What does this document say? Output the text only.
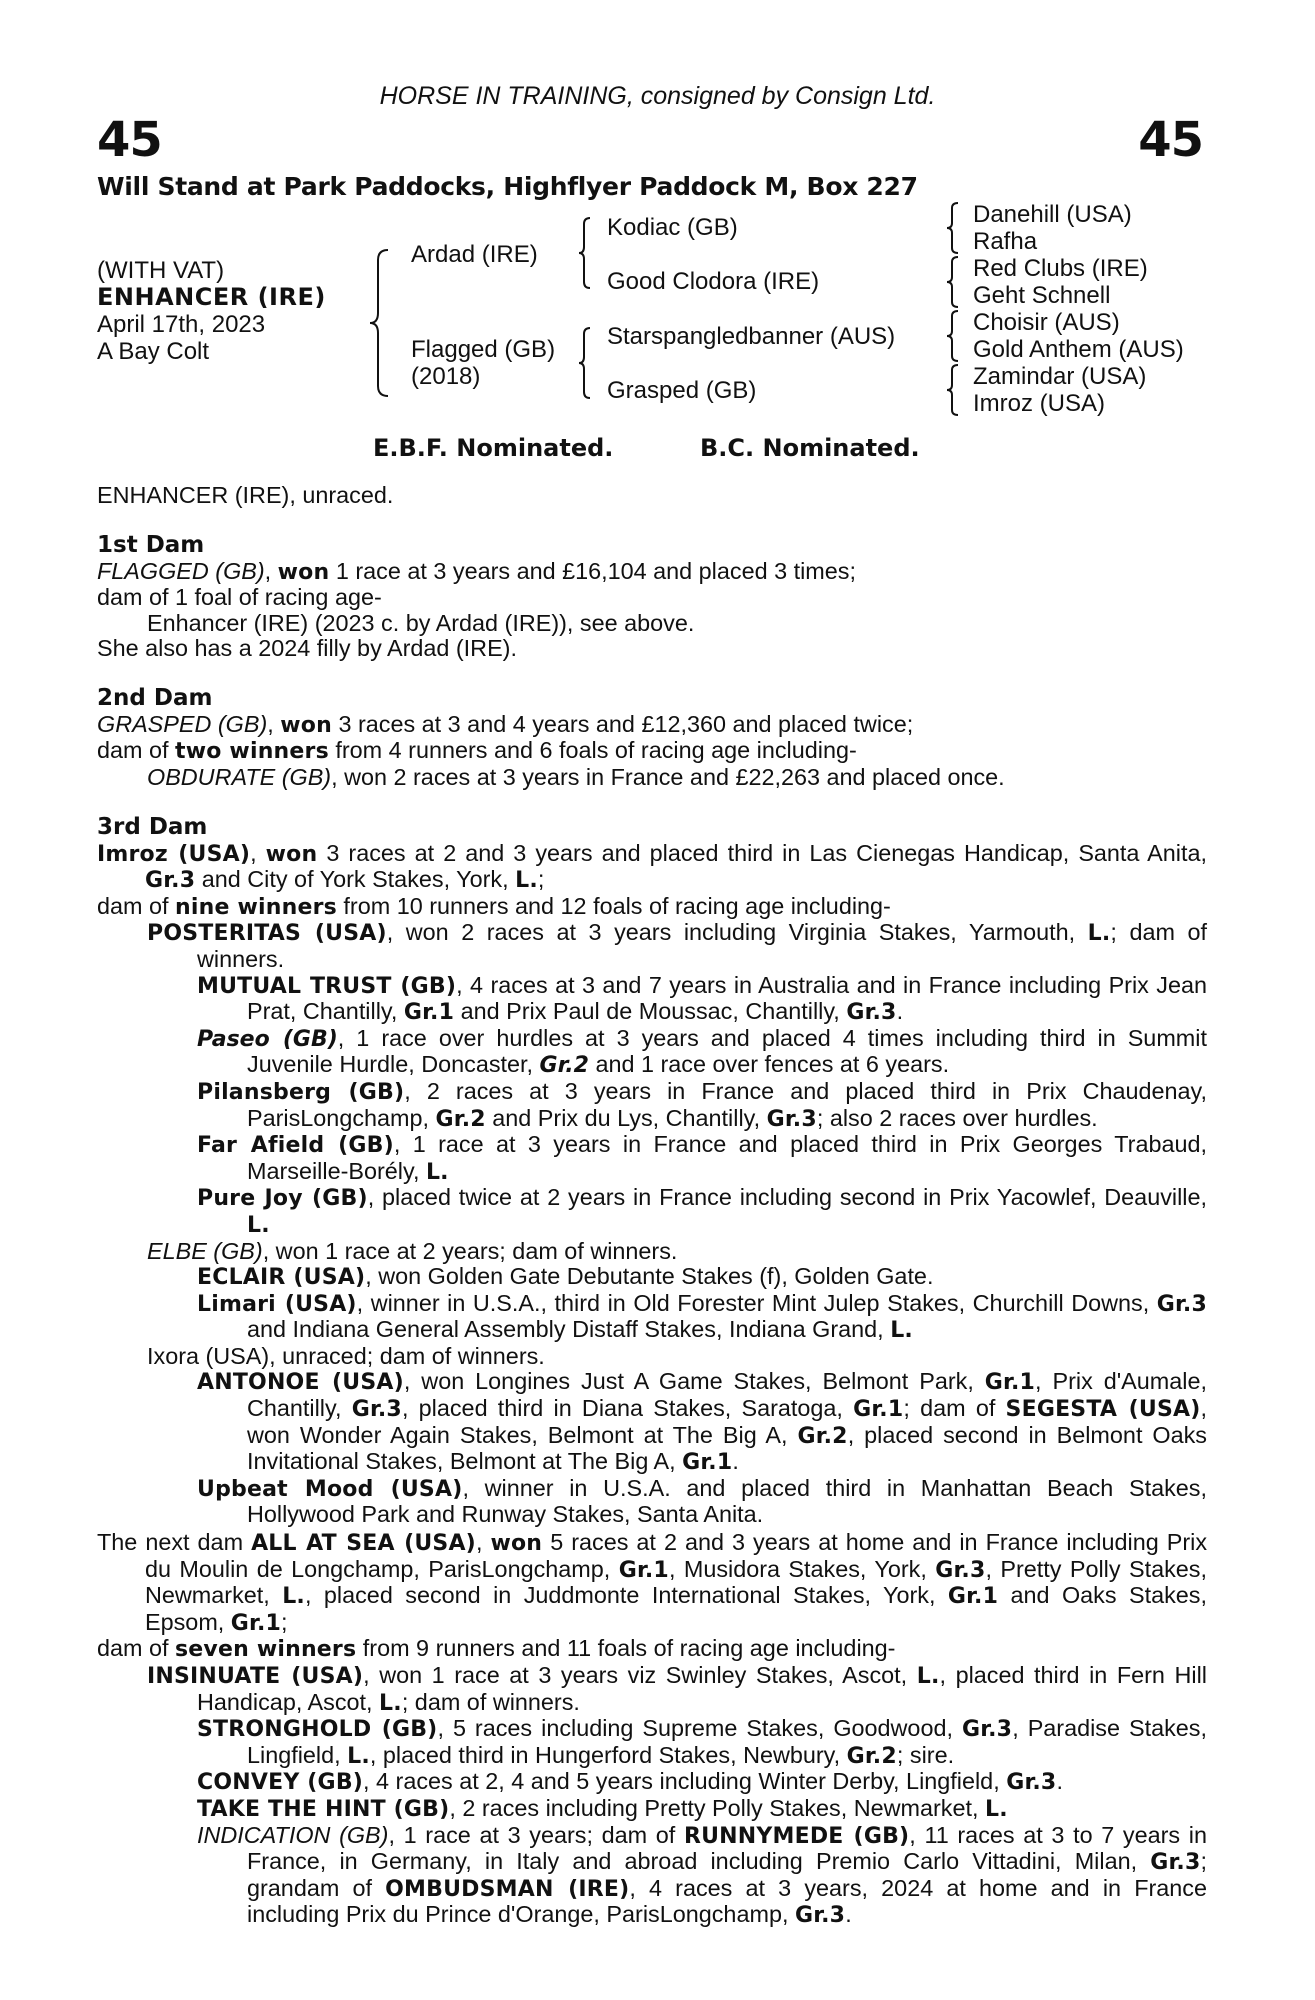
HORSE IN TRAINING, consigned by Consign Ltd.
45	45
Will Stand at Park Paddocks, Highflyer Paddock M, Box 227
(WITH VAT)
ENHANCER (IRE)
April 17th, 2023
A Bay Colt
Ardad (IRE)
Flagged (GB)
(2018)
Kodiac (GB)
Good Clodora (IRE)
Starspangledbanner (AUS)
Grasped (GB)
Danehill (USA)
Rafha
Red Clubs (IRE)
Geht Schnell
Choisir (AUS)
Gold Anthem (AUS)
Zamindar (USA)
Imroz (USA)
E.B.F. Nominated.	B.C. Nominated.
ENHANCER (IRE), unraced.

1st Dam

FLAGGED (GB), won 1 race at 3 years and £16,104 and placed 3 times;

dam of 1 foal of racing age-

Enhancer (IRE) (2023 c. by Ardad (IRE)), see above.

She also has a 2024 filly by Ardad (IRE).

2nd Dam

GRASPED (GB), won 3 races at 3 and 4 years and £12,360 and placed twice;

dam of two winners from 4 runners and 6 foals of racing age including-

OBDURATE (GB), won 2 races at 3 years in France and £22,263 and placed once.

3rd Dam

Imroz (USA), won 3 races at 2 and 3 years and placed third in Las Cienegas Handicap, Santa Anita, Gr.3 and City of York Stakes, York, L.;

dam of nine winners from 10 runners and 12 foals of racing age including-

POSTERITAS (USA), won 2 races at 3 years including Virginia Stakes, Yarmouth, L.; dam of winners.

MUTUAL TRUST (GB), 4 races at 3 and 7 years in Australia and in France including Prix Jean Prat, Chantilly, Gr.1 and Prix Paul de Moussac, Chantilly, Gr.3.

Paseo (GB), 1 race over hurdles at 3 years and placed 4 times including third in Summit Juvenile Hurdle, Doncaster, Gr.2 and 1 race over fences at 6 years.

Pilansberg (GB), 2 races at 3 years in France and placed third in Prix Chaudenay, ParisLongchamp, Gr.2 and Prix du Lys, Chantilly, Gr.3; also 2 races over hurdles.

Far Afield (GB), 1 race at 3 years in France and placed third in Prix Georges Trabaud, Marseille-Borély, L.

Pure Joy (GB), placed twice at 2 years in France including second in Prix Yacowlef, Deauville, L.

ELBE (GB), won 1 race at 2 years; dam of winners.

ECLAIR (USA), won Golden Gate Debutante Stakes (f), Golden Gate.

Limari (USA), winner in U.S.A., third in Old Forester Mint Julep Stakes, Churchill Downs, Gr.3 and Indiana General Assembly Distaff Stakes, Indiana Grand, L.

Ixora (USA), unraced; dam of winners.

ANTONOE (USA), won Longines Just A Game Stakes, Belmont Park, Gr.1, Prix d'Aumale, Chantilly, Gr.3, placed third in Diana Stakes, Saratoga, Gr.1; dam of SEGESTA (USA), won Wonder Again Stakes, Belmont at The Big A, Gr.2, placed second in Belmont Oaks Invitational Stakes, Belmont at The Big A, Gr.1.

Upbeat Mood (USA), winner in U.S.A. and placed third in Manhattan Beach Stakes, Hollywood Park and Runway Stakes, Santa Anita.

The next dam ALL AT SEA (USA), won 5 races at 2 and 3 years at home and in France including Prix du Moulin de Longchamp, ParisLongchamp, Gr.1, Musidora Stakes, York, Gr.3, Pretty Polly Stakes, Newmarket, L., placed second in Juddmonte International Stakes, York, Gr.1 and Oaks Stakes, Epsom, Gr.1;

dam of seven winners from 9 runners and 11 foals of racing age including-

INSINUATE (USA), won 1 race at 3 years viz Swinley Stakes, Ascot, L., placed third in Fern Hill Handicap, Ascot, L.; dam of winners.

STRONGHOLD (GB), 5 races including Supreme Stakes, Goodwood, Gr.3, Paradise Stakes, Lingfield, L., placed third in Hungerford Stakes, Newbury, Gr.2; sire.

CONVEY (GB), 4 races at 2, 4 and 5 years including Winter Derby, Lingfield, Gr.3.

TAKE THE HINT (GB), 2 races including Pretty Polly Stakes, Newmarket, L.

INDICATION (GB), 1 race at 3 years; dam of RUNNYMEDE (GB), 11 races at 3 to 7 years in France, in Germany, in Italy and abroad including Premio Carlo Vittadini, Milan, Gr.3; grandam of OMBUDSMAN (IRE), 4 races at 3 years, 2024 at home and in France including Prix du Prince d'Orange, ParisLongchamp, Gr.3.
